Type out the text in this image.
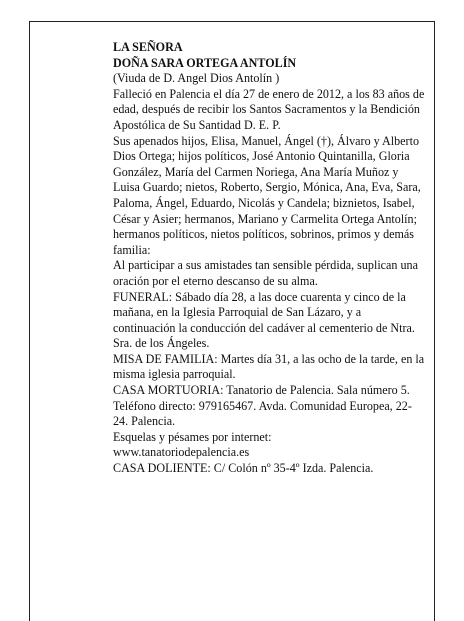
LA SEÑORA

DOÑA SARA ORTEGA ANTOLÍN

(Viuda de D. Angel Dios Antolín )

Falleció en Palencia el día 27 de enero de 2012, a los 83 años de edad, después de recibir los Santos Sacramentos y la Bendición Apostólica de Su Santidad D. E. P.

Sus apenados hijos, Elisa, Manuel, Ángel (†), Álvaro y Alberto Dios Ortega; hijos políticos, José Antonio Quintanilla, Gloria González, María del Carmen Noriega, Ana María Muñoz y Luisa Guardo; nietos, Roberto, Sergio, Mónica, Ana, Eva, Sara, Paloma, Ángel, Eduardo, Nicolás y Candela; biznietos, Isabel, César y Asier; hermanos, Mariano y Carmelita Ortega Antolín; hermanos políticos, nietos políticos, sobrinos, primos y demás familia:

Al participar a sus amistades tan sensible pérdida, suplican una oración por el eterno descanso de su alma.

FUNERAL: Sábado día 28, a las doce cuarenta y cinco de la mañana, en la Iglesia Parroquial de San Lázaro, y a continuación la conducción del cadáver al cementerio de Ntra. Sra. de los Ángeles.

MISA DE FAMILIA: Martes día 31, a las ocho de la tarde, en la misma iglesia parroquial.

CASA MORTUORIA: Tanatorio de Palencia. Sala número 5. Teléfono directo: 979165467. Avda. Comunidad Europea, 22-24. Palencia.

Esquelas y pésames por internet:

www.tanatoriodepalencia.es

CASA DOLIENTE: C/ Colón nº 35-4º Izda. Palencia.
